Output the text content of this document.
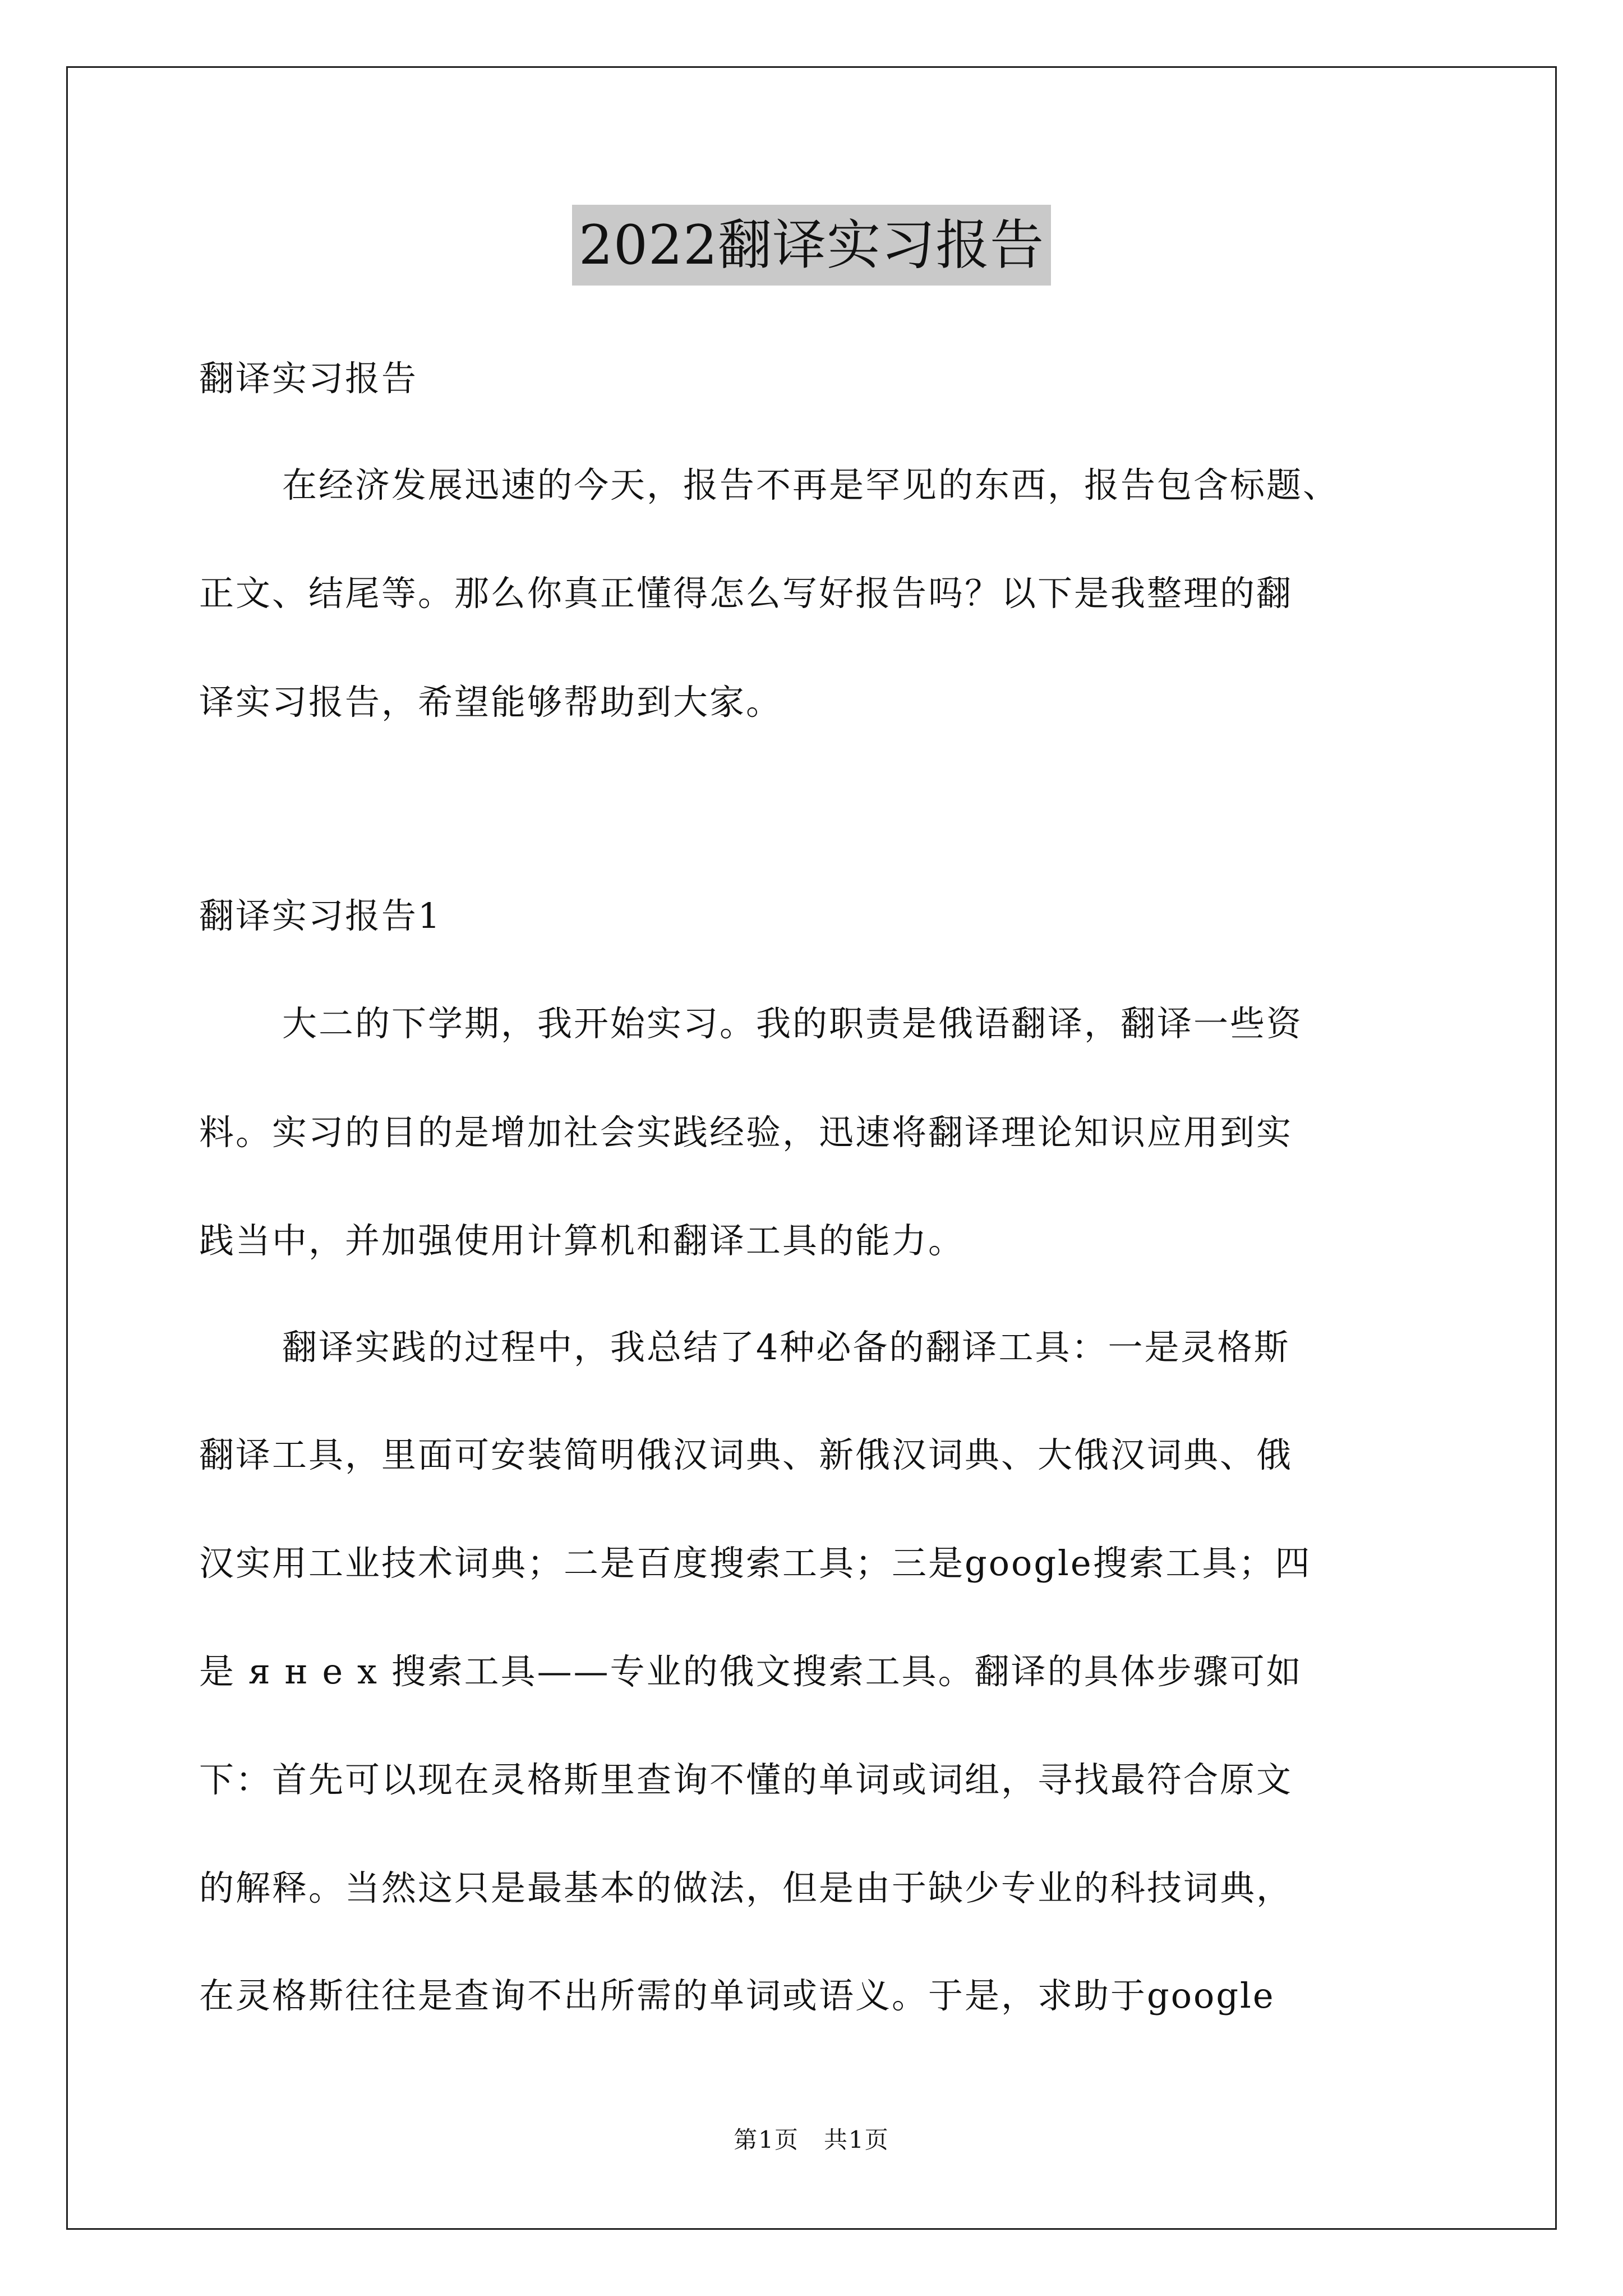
2022翻译实习报告
翻译实习报告
在经济发展迅速的今天，报告不再是罕见的东西，报告包含标题、
正文、结尾等。那么你真正懂得怎么写好报告吗？以下是我整理的翻
译实习报告，希望能够帮助到大家。
翻译实习报告1
大二的下学期，我开始实习。我的职责是俄语翻译，翻译一些资
料。实习的目的是增加社会实践经验，迅速将翻译理论知识应用到实
践当中，并加强使用计算机和翻译工具的能力。
翻译实践的过程中，我总结了4种必备的翻译工具：一是灵格斯
翻译工具，里面可安装简明俄汉词典、新俄汉词典、大俄汉词典、俄
汉实用工业技术词典；二是百度搜索工具；三是google搜索工具；四
是 я н е х 搜索工具——专业的俄文搜索工具。翻译的具体步骤可如
下：首先可以现在灵格斯里查询不懂的单词或词组，寻找最符合原文
的解释。当然这只是最基本的做法，但是由于缺少专业的科技词典，
在灵格斯往往是查询不出所需的单词或语义。于是，求助于google
第1页　共1页
